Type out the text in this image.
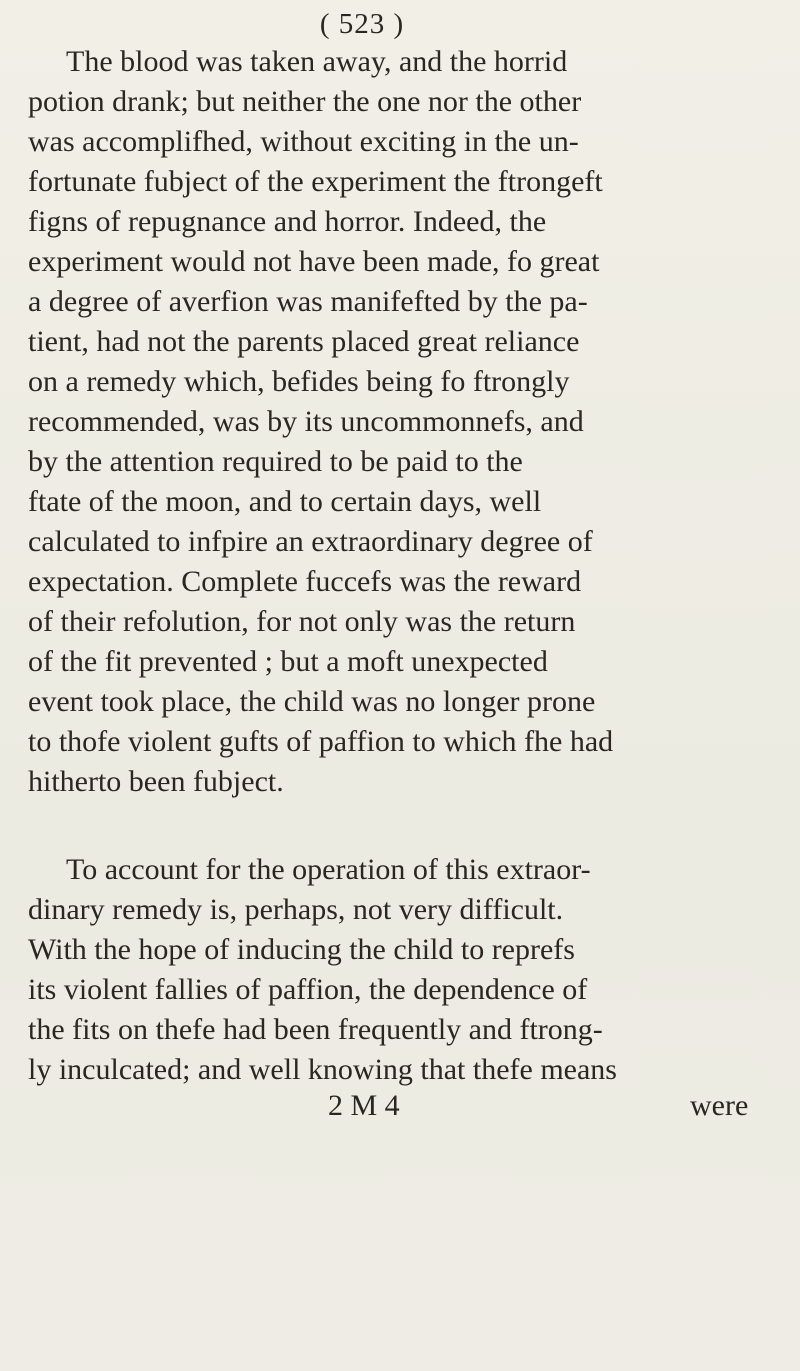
( 523 )
The blood was taken away, and the horrid
potion drank; but neither the one nor the other
was accomplifhed, without exciting in the un-
fortunate fubject of the experiment the ftrongeft
figns of repugnance and horror. Indeed, the
experiment would not have been made, fo great
a degree of averfion was manifefted by the pa-
tient, had not the parents placed great reliance
on a remedy which, befides being fo ftrongly
recommended, was by its uncommonnefs, and
by the attention required to be paid to the
ftate of the moon, and to certain days, well
calculated to infpire an extraordinary degree of
expectation. Complete fuccefs was the reward
of their refolution, for not only was the return
of the fit prevented ; but a moft unexpected
event took place, the child was no longer prone
to thofe violent gufts of paffion to which fhe had
hitherto been fubject.
To account for the operation of this extraor-
dinary remedy is, perhaps, not very difficult.
With the hope of inducing the child to reprefs
its violent fallies of paffion, the dependence of
the fits on thefe had been frequently and ftrong-
ly inculcated; and well knowing that thefe means
2 M 4	were
